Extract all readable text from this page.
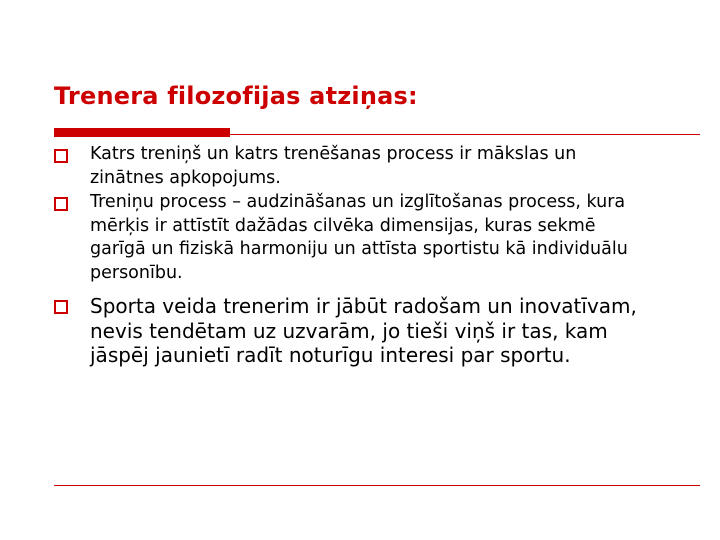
Trenera filozofijas atziņas:
Katrs treniņš un katrs trenēšanas process ir mākslas un zinātnes apkopojums.
Treniņu process – audzināšanas un izglītošanas process, kura mērķis ir attīstīt dažādas cilvēka dimensijas, kuras sekmē garīgā un fiziskā harmoniju un attīsta sportistu kā individuālu personību.
Sporta veida trenerim ir jābūt radošam un inovatīvam, nevis tendētam uz uzvarām, jo tieši viņš ir tas, kam jāspēj jaunietī radīt noturīgu interesi par sportu.
